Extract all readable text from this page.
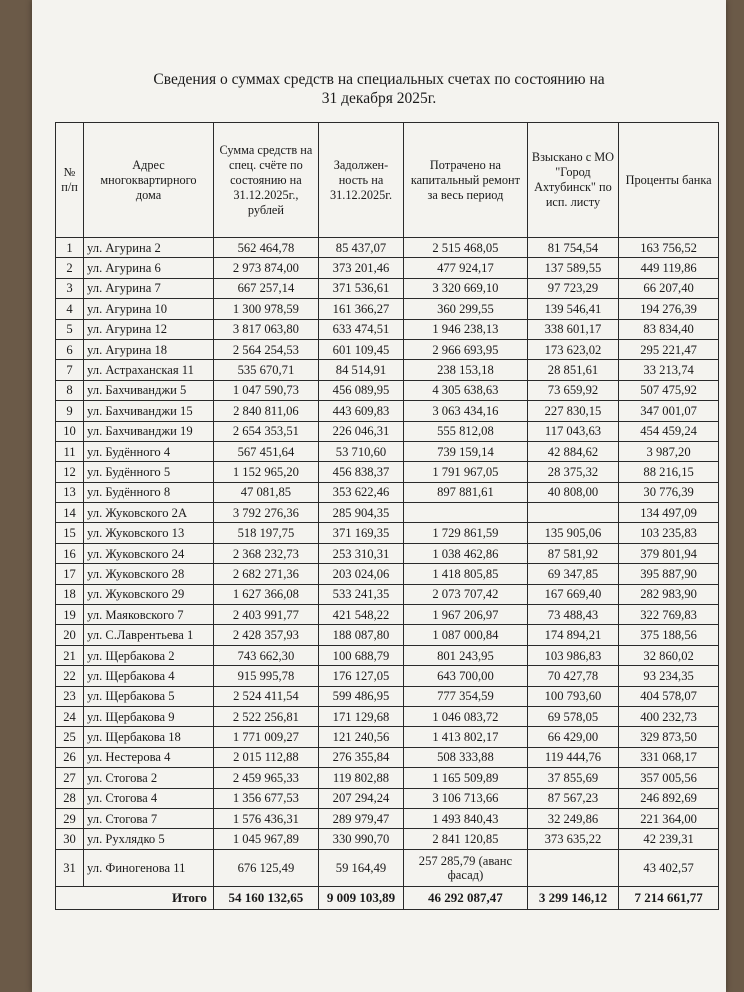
Сведения о суммах средств на специальных счетах по состоянию на
31 декабря 2025г.
№ п/п	Адрес многоквартирного дома	Сумма средств на спец. счёте по состоянию на 31.12.2025г., рублей	Задолжен-ность на 31.12.2025г.	Потрачено на капитальный ремонт за весь период	Взыскано с МО "Город Ахтубинск" по исп. листу	Проценты банка
1	ул. Агурина 2	562 464,78	85 437,07	2 515 468,05	81 754,54	163 756,52
2	ул. Агурина 6	2 973 874,00	373 201,46	477 924,17	137 589,55	449 119,86
3	ул. Агурина 7	667 257,14	371 536,61	3 320 669,10	97 723,29	66 207,40
4	ул. Агурина 10	1 300 978,59	161 366,27	360 299,55	139 546,41	194 276,39
5	ул. Агурина 12	3 817 063,80	633 474,51	1 946 238,13	338 601,17	83 834,40
6	ул. Агурина 18	2 564 254,53	601 109,45	2 966 693,95	173 623,02	295 221,47
7	ул. Астраханская 11	535 670,71	84 514,91	238 153,18	28 851,61	33 213,74
8	ул. Бахчиванджи 5	1 047 590,73	456 089,95	4 305 638,63	73 659,92	507 475,92
9	ул. Бахчиванджи 15	2 840 811,06	443 609,83	3 063 434,16	227 830,15	347 001,07
10	ул. Бахчиванджи 19	2 654 353,51	226 046,31	555 812,08	117 043,63	454 459,24
11	ул. Будённого 4	567 451,64	53 710,60	739 159,14	42 884,62	3 987,20
12	ул. Будённого 5	1 152 965,20	456 838,37	1 791 967,05	28 375,32	88 216,15
13	ул. Будённого 8	47 081,85	353 622,46	897 881,61	40 808,00	30 776,39
14	ул. Жуковского 2А	3 792 276,36	285 904,35			134 497,09
15	ул. Жуковского 13	518 197,75	371 169,35	1 729 861,59	135 905,06	103 235,83
16	ул. Жуковского 24	2 368 232,73	253 310,31	1 038 462,86	87 581,92	379 801,94
17	ул. Жуковского 28	2 682 271,36	203 024,06	1 418 805,85	69 347,85	395 887,90
18	ул. Жуковского 29	1 627 366,08	533 241,35	2 073 707,42	167 669,40	282 983,90
19	ул. Маяковского 7	2 403 991,77	421 548,22	1 967 206,97	73 488,43	322 769,83
20	ул. С.Лаврентьева 1	2 428 357,93	188 087,80	1 087 000,84	174 894,21	375 188,56
21	ул. Щербакова 2	743 662,30	100 688,79	801 243,95	103 986,83	32 860,02
22	ул. Щербакова 4	915 995,78	176 127,05	643 700,00	70 427,78	93 234,35
23	ул. Щербакова 5	2 524 411,54	599 486,95	777 354,59	100 793,60	404 578,07
24	ул. Щербакова 9	2 522 256,81	171 129,68	1 046 083,72	69 578,05	400 232,73
25	ул. Щербакова 18	1 771 009,27	121 240,56	1 413 802,17	66 429,00	329 873,50
26	ул. Нестерова 4	2 015 112,88	276 355,84	508 333,88	119 444,76	331 068,17
27	ул. Стогова 2	2 459 965,33	119 802,88	1 165 509,89	37 855,69	357 005,56
28	ул. Стогова 4	1 356 677,53	207 294,24	3 106 713,66	87 567,23	246 892,69
29	ул. Стогова 7	1 576 436,31	289 979,47	1 493 840,43	32 249,86	221 364,00
30	ул. Рухлядко 5	1 045 967,89	330 990,70	2 841 120,85	373 635,22	42 239,31
31	ул. Финогенова 11	676 125,49	59 164,49	257 285,79 (аванс фасад)		43 402,57
Итого		54 160 132,65	9 009 103,89	46 292 087,47	3 299 146,12	7 214 661,77
